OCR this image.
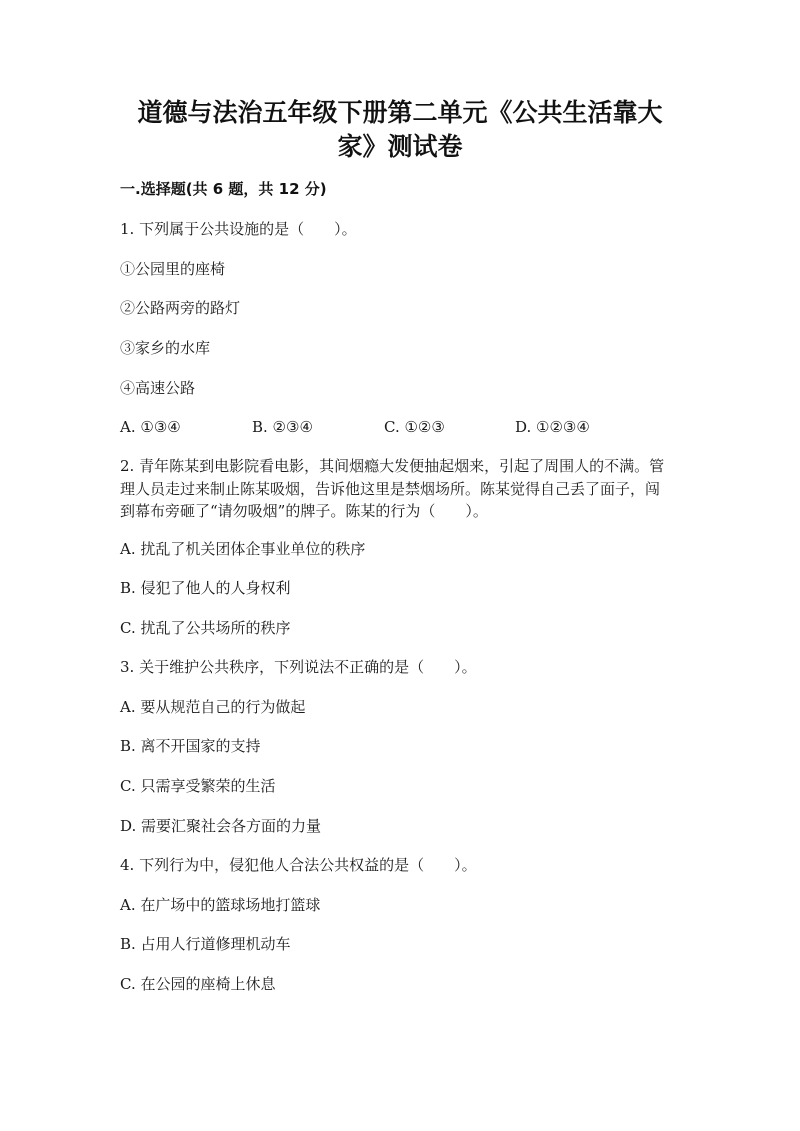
道德与法治五年级下册第二单元《公共生活靠大
家》测试卷
一.选择题(共 6 题，共 12 分)

1. 下列属于公共设施的是（　　）。

①公园里的座椅

②公路两旁的路灯

③家乡的水库

④高速公路

A. ①③④	B. ②③④	C. ①②③	D. ①②③④

2. 青年陈某到电影院看电影，其间烟瘾大发便抽起烟来，引起了周围人的不满。管理人员走过来制止陈某吸烟，告诉他这里是禁烟场所。陈某觉得自己丢了面子，闯到幕布旁砸了“请勿吸烟”的牌子。陈某的行为（　　）。

A. 扰乱了机关团体企事业单位的秩序

B. 侵犯了他人的人身权利

C. 扰乱了公共场所的秩序

3. 关于维护公共秩序，下列说法不正确的是（　　）。

A. 要从规范自己的行为做起

B. 离不开国家的支持

C. 只需享受繁荣的生活

D. 需要汇聚社会各方面的力量

4. 下列行为中，侵犯他人合法公共权益的是（　　）。

A. 在广场中的篮球场地打篮球

B. 占用人行道修理机动车

C. 在公园的座椅上休息
